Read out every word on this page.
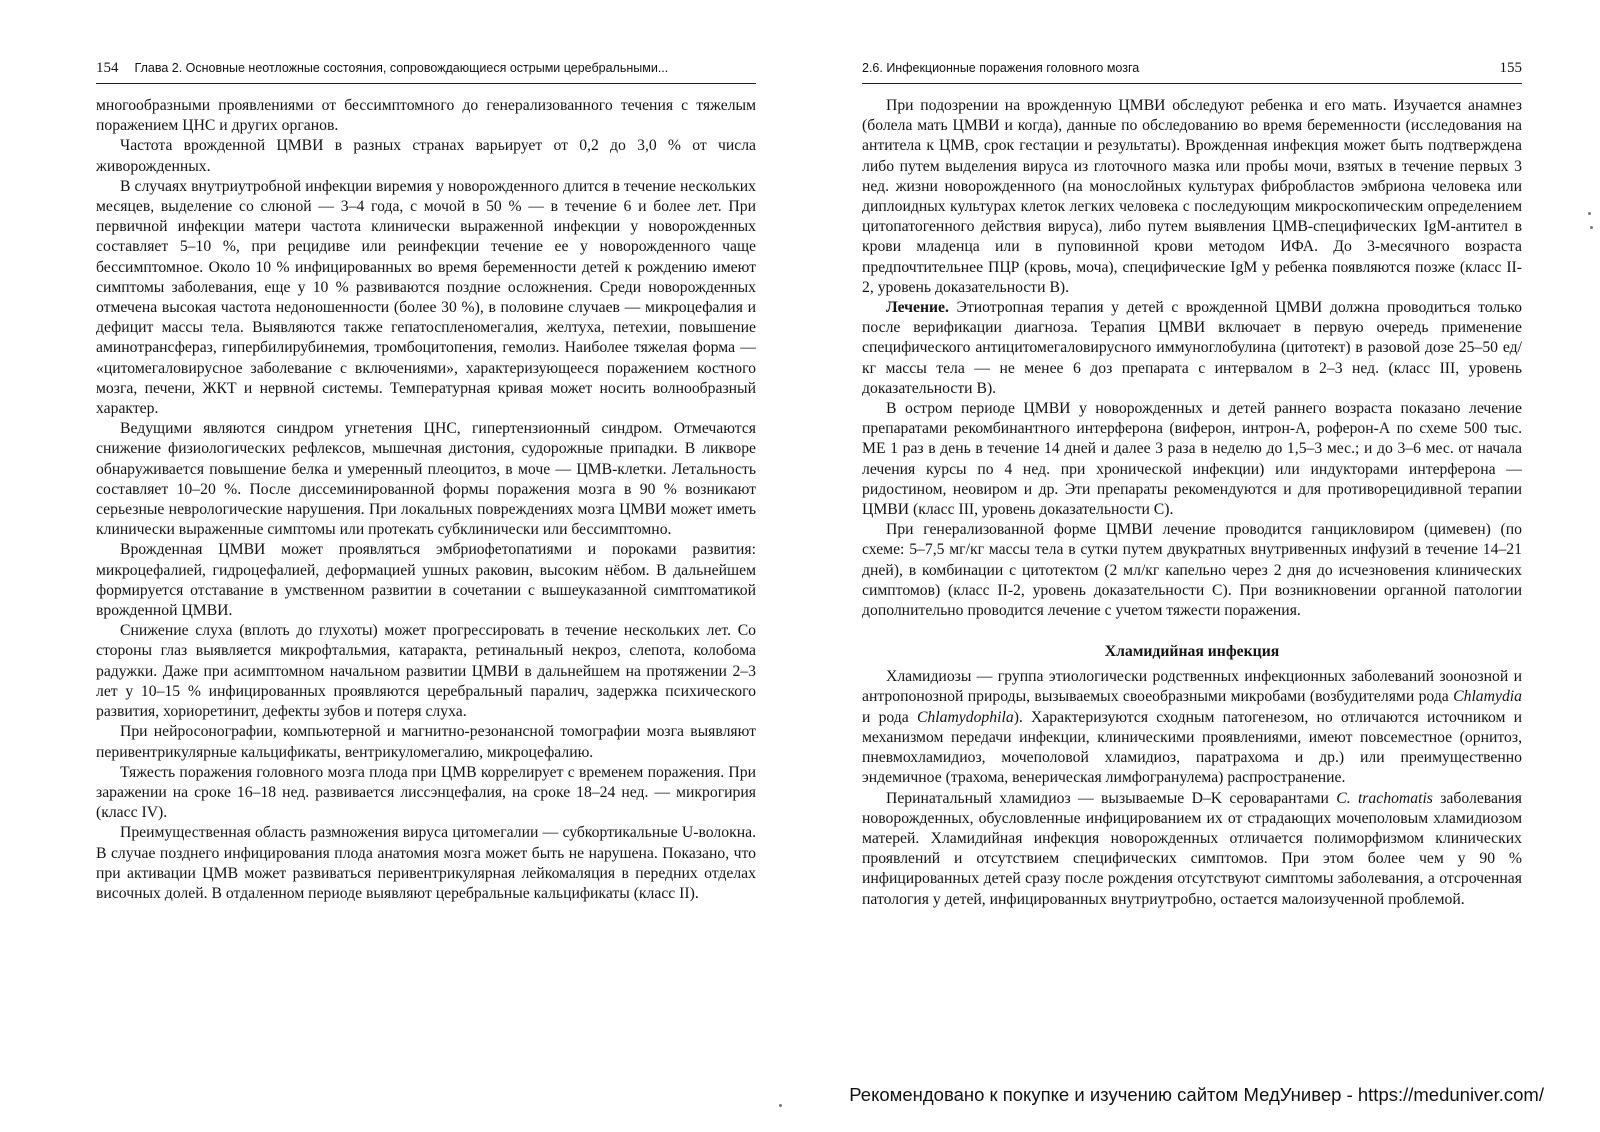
154 Глава 2. Основные неотложные состояния, сопровождающиеся острыми церебральными...

многообразными проявлениями от бессимптомного до генерализованного течения с тяжелым поражением ЦНС и других органов.

Частота врожденной ЦМВИ в разных странах варьирует от 0,2 до 3,0 % от числа живорожденных.

В случаях внутриутробной инфекции виремия у новорожденного длится в течение нескольких месяцев, выделение со слюной — 3–4 года, с мочой в 50 % — в течение 6 и более лет. При первичной инфекции матери частота клинически выраженной инфекции у новорожденных составляет 5–10 %, при рецидиве или реинфекции течение ее у новорожденного чаще бессимптомное. Около 10 % инфицированных во время беременности детей к рождению имеют симптомы заболевания, еще у 10 % развиваются поздние осложнения. Среди новорожденных отмечена высокая частота недоношенности (более 30 %), в половине случаев — микроцефалия и дефицит массы тела. Выявляются также гепатоспленомегалия, желтуха, петехии, повышение аминотрансфераз, гипербилирубинемия, тромбоцитопения, гемолиз. Наиболее тяжелая форма — «цитомегаловирусное заболевание с включениями», характеризующееся поражением костного мозга, печени, ЖКТ и нервной системы. Температурная кривая может носить волнообразный характер.

Ведущими являются синдром угнетения ЦНС, гипертензионный синдром. Отмечаются снижение физиологических рефлексов, мышечная дистония, судорожные припадки. В ликворе обнаруживается повышение белка и умеренный плеоцитоз, в моче — ЦМВ-клетки. Летальность составляет 10–20 %. После диссеминированной формы поражения мозга в 90 % возникают серьезные неврологические нарушения. При локальных повреждениях мозга ЦМВИ может иметь клинически выраженные симптомы или протекать субклинически или бессимптомно.

Врожденная ЦМВИ может проявляться эмбриофетопатиями и пороками развития: микроцефалией, гидроцефалией, деформацией ушных раковин, высоким нёбом. В дальнейшем формируется отставание в умственном развитии в сочетании с вышеуказанной симптоматикой врожденной ЦМВИ.

Снижение слуха (вплоть до глухоты) может прогрессировать в течение нескольких лет. Со стороны глаз выявляется микрофтальмия, катаракта, ретинальный некроз, слепота, колобома радужки. Даже при асимптомном начальном развитии ЦМВИ в дальнейшем на протяжении 2–3 лет у 10–15 % инфицированных проявляются церебральный паралич, задержка психического развития, хориоретинит, дефекты зубов и потеря слуха.

При нейросонографии, компьютерной и магнитно-резонансной томографии мозга выявляют перивентрикулярные кальцификаты, вентрикуломегалию, микроцефалию.

Тяжесть поражения головного мозга плода при ЦМВ коррелирует с временем поражения. При заражении на сроке 16–18 нед. развивается лиссэнцефалия, на сроке 18–24 нед. — микрогирия (класс IV).

Преимущественная область размножения вируса цитомегалии — субкортикальные U-волокна. В случае позднего инфицирования плода анатомия мозга может быть не нарушена. Показано, что при активации ЦМВ может развиваться перивентрикулярная лейкомаляция в передних отделах височных долей. В отдаленном периоде выявляют церебральные кальцификаты (класс II).

2.6. Инфекционные поражения головного мозга	155

При подозрении на врожденную ЦМВИ обследуют ребенка и его мать. Изучается анамнез (болела мать ЦМВИ и когда), данные по обследованию во время беременности (исследования на антитела к ЦМВ, срок гестации и результаты). Врожденная инфекция может быть подтверждена либо путем выделения вируса из глоточного мазка или пробы мочи, взятых в течение первых 3 нед. жизни новорожденного (на монослойных культурах фибробластов эмбриона человека или диплоидных культурах клеток легких человека с последующим микроскопическим определением цитопатогенного действия вируса), либо путем выявления ЦМВ-специфических IgM-антител в крови младенца или в пуповинной крови методом ИФА. До 3-месячного возраста предпочтительнее ПЦР (кровь, моча), специфические IgM у ребенка появляются позже (класс II-2, уровень доказательности В).

Лечение. Этиотропная терапия у детей с врожденной ЦМВИ должна проводиться только после верификации диагноза. Терапия ЦМВИ включает в первую очередь применение специфического антицитомегаловирусного иммуноглобулина (цитотект) в разовой дозе 25–50 ед/кг массы тела — не менее 6 доз препарата с интервалом в 2–3 нед. (класс III, уровень доказательности В).

В остром периоде ЦМВИ у новорожденных и детей раннего возраста показано лечение препаратами рекомбинантного интерферона (виферон, интрон-А, роферон-А по схеме 500 тыс. МЕ 1 раз в день в течение 14 дней и далее 3 раза в неделю до 1,5–3 мес.; и до 3–6 мес. от начала лечения курсы по 4 нед. при хронической инфекции) или индукторами интерферона — ридостином, неовиром и др. Эти препараты рекомендуются и для противорецидивной терапии ЦМВИ (класс III, уровень доказательности С).

При генерализованной форме ЦМВИ лечение проводится ганцикловиром (цимевен) (по схеме: 5–7,5 мг/кг массы тела в сутки путем двукратных внутривенных инфузий в течение 14–21 дней), в комбинации с цитотектом (2 мл/кг капельно через 2 дня до исчезновения клинических симптомов) (класс II-2, уровень доказательности С). При возникновении органной патологии дополнительно проводится лечение с учетом тяжести поражения.

Хламидийная инфекция

Хламидиозы — группа этиологически родственных инфекционных заболеваний зоонозной и антропонозной природы, вызываемых своеобразными микробами (возбудителями рода Chlamydia и рода Chlamydophila). Характеризуются сходным патогенезом, но отличаются источником и механизмом передачи инфекции, клиническими проявлениями, имеют повсеместное (орнитоз, пневмохламидиоз, мочеполовой хламидиоз, паратрахома и др.) или преимущественно эндемичное (трахома, венерическая лимфогранулема) распространение.

Перинатальный хламидиоз — вызываемые D–K сероварантами C. trachomatis заболевания новорожденных, обусловленные инфицированием их от страдающих мочеполовым хламидиозом матерей. Хламидийная инфекция новорожденных отличается полиморфизмом клинических проявлений и отсутствием специфических симптомов. При этом более чем у 90 % инфицированных детей сразу после рождения отсутствуют симптомы заболевания, а отсроченная патология у детей, инфицированных внутриутробно, остается малоизученной проблемой.

Рекомендовано к покупке и изучению сайтом МедУнивер - https://meduniver.com/
